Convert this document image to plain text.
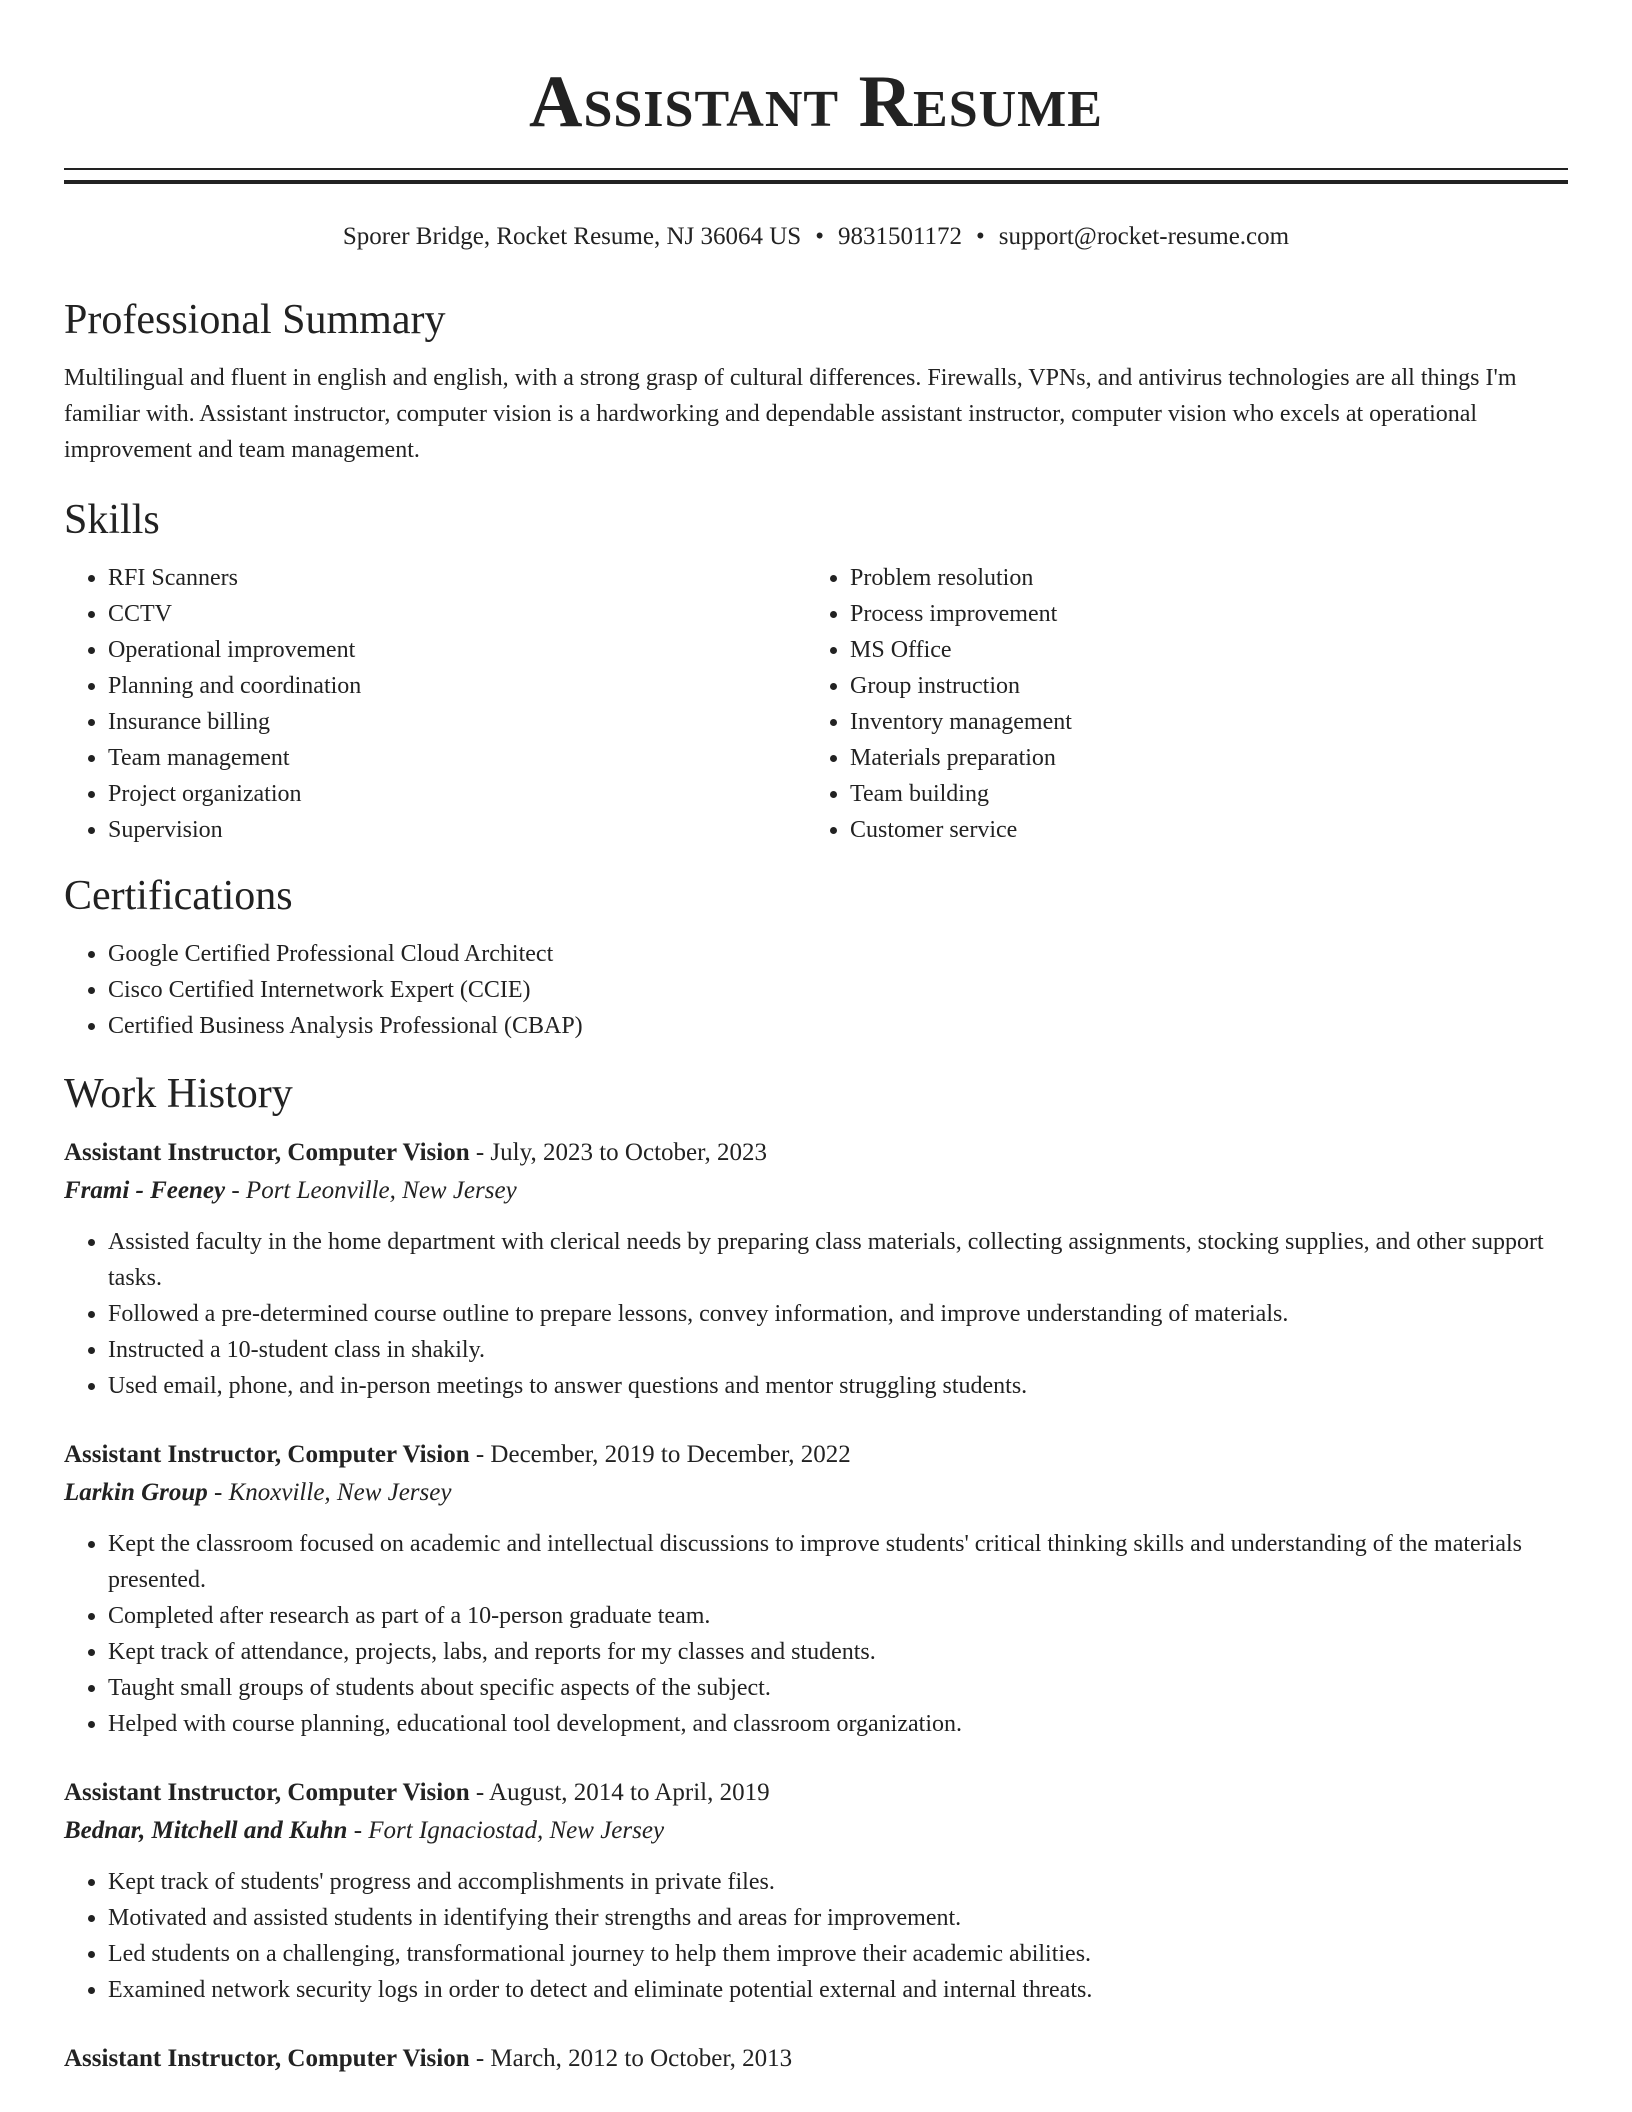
Assistant Resume
Sporer Bridge, Rocket Resume, NJ 36064 US • 9831501172 • support@rocket-resume.com
Professional Summary

Multilingual and fluent in english and english, with a strong grasp of cultural differences. Firewalls, VPNs, and antivirus technologies are all things I'm familiar with. Assistant instructor, computer vision is a hardworking and dependable assistant instructor, computer vision who excels at operational improvement and team management.

Skills
• RFI Scanners
• CCTV
• Operational improvement
• Planning and coordination
• Insurance billing
• Team management
• Project organization
• Supervision
• Problem resolution
• Process improvement
• MS Office
• Group instruction
• Inventory management
• Materials preparation
• Team building
• Customer service
Certifications
• Google Certified Professional Cloud Architect
• Cisco Certified Internetwork Expert (CCIE)
• Certified Business Analysis Professional (CBAP)
Work History
Assistant Instructor, Computer Vision - July, 2023 to October, 2023
Frami - Feeney - Port Leonville, New Jersey
• Assisted faculty in the home department with clerical needs by preparing class materials, collecting assignments, stocking supplies, and other support tasks.
• Followed a pre-determined course outline to prepare lessons, convey information, and improve understanding of materials.
• Instructed a 10-student class in shakily.
• Used email, phone, and in-person meetings to answer questions and mentor struggling students.
Assistant Instructor, Computer Vision - December, 2019 to December, 2022
Larkin Group - Knoxville, New Jersey
• Kept the classroom focused on academic and intellectual discussions to improve students' critical thinking skills and understanding of the materials presented.
• Completed after research as part of a 10-person graduate team.
• Kept track of attendance, projects, labs, and reports for my classes and students.
• Taught small groups of students about specific aspects of the subject.
• Helped with course planning, educational tool development, and classroom organization.
Assistant Instructor, Computer Vision - August, 2014 to April, 2019
Bednar, Mitchell and Kuhn - Fort Ignaciostad, New Jersey
• Kept track of students' progress and accomplishments in private files.
• Motivated and assisted students in identifying their strengths and areas for improvement.
• Led students on a challenging, transformational journey to help them improve their academic abilities.
• Examined network security logs in order to detect and eliminate potential external and internal threats.
Assistant Instructor, Computer Vision - March, 2012 to October, 2013
